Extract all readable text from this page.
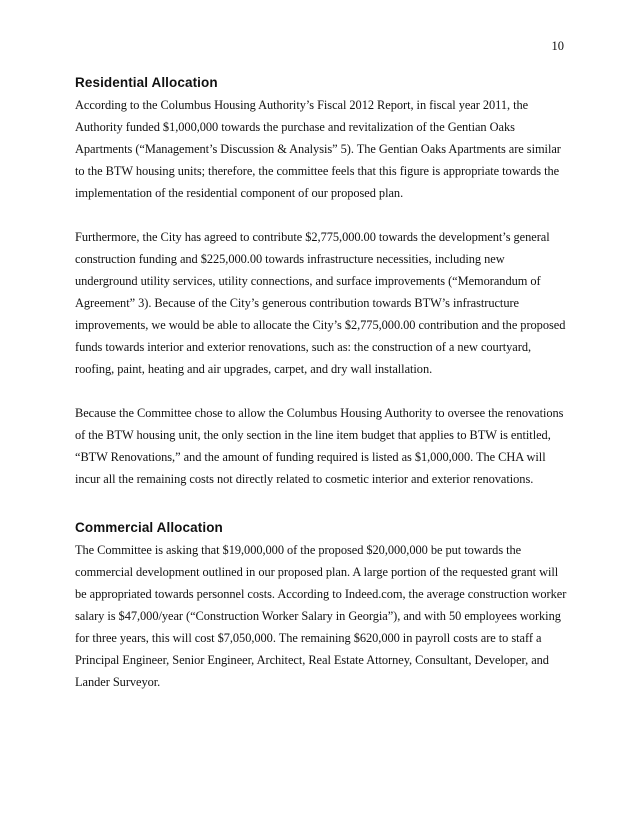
10
Residential Allocation

According to the Columbus Housing Authority’s Fiscal 2012 Report, in fiscal year 2011, the Authority funded $1,000,000 towards the purchase and revitalization of the Gentian Oaks Apartments (“Management’s Discussion & Analysis” 5). The Gentian Oaks Apartments are similar to the BTW housing units; therefore, the committee feels that this figure is appropriate towards the implementation of the residential component of our proposed plan.

Furthermore, the City has agreed to contribute $2,775,000.00 towards the development’s general construction funding and $225,000.00 towards infrastructure necessities, including new underground utility services, utility connections, and surface improvements (“Memorandum of Agreement” 3). Because of the City’s generous contribution towards BTW’s infrastructure improvements, we would be able to allocate the City’s $2,775,000.00 contribution and the proposed funds towards interior and exterior renovations, such as: the construction of a new courtyard, roofing, paint, heating and air upgrades, carpet, and dry wall installation.

Because the Committee chose to allow the Columbus Housing Authority to oversee the renovations of the BTW housing unit, the only section in the line item budget that applies to BTW is entitled, “BTW Renovations,” and the amount of funding required is listed as $1,000,000. The CHA will incur all the remaining costs not directly related to cosmetic interior and exterior renovations.

Commercial Allocation

The Committee is asking that $19,000,000 of the proposed $20,000,000 be put towards the commercial development outlined in our proposed plan. A large portion of the requested grant will be appropriated towards personnel costs. According to Indeed.com, the average construction worker salary is $47,000/year (“Construction Worker Salary in Georgia”), and with 50 employees working for three years, this will cost $7,050,000. The remaining $620,000 in payroll costs are to staff a Principal Engineer, Senior Engineer, Architect, Real Estate Attorney, Consultant, Developer, and Lander Surveyor.
